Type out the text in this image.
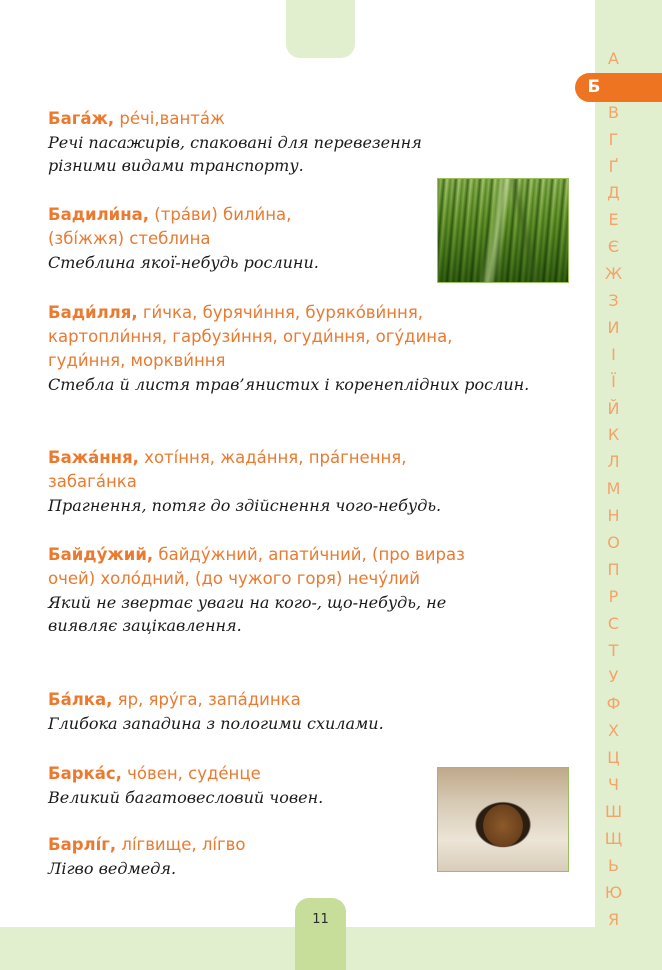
11
А
В
Г
Ґ
Д
Е
Є
Ж
З
И
І
Ї
Й
К
Л
М
Н
О
П
Р
С
Т
У
Ф
Х
Ц
Ч
Ш
Щ
Ь
Ю
Я
Б

Бага́ж, ре́чі,ванта́ж

Речі пасажирів, спаковані для перевезення різними видами транспорту.

Бадили́на, (тра́ви) били́на, (збі́жжя) стеблина

Стеблина якої-небудь рослини.

Бади́лля, ги́чка, бурячи́ння, буряко́ви́ння, картопли́ння, гарбузи́ння, огуди́ння, огу́дина, гуди́ння, моркви́ння

Стебла й листя трав’янистих і коренеплідних рослин.

Бажа́ння, хоті́ння, жада́ння, пра́гнення, забага́нка

Прагнення, потяг до здійснення чого-небудь.

Байду́жий, байду́жний, апати́чний, (про вираз очей) холо́дний, (до чужого горя) нечу́лий

Який не звертає уваги на кого-, що-небудь, не виявляє зацікавлення.

Ба́лка, яр, яру́га, запа́динка

Глибока западина з пологими схилами.

Барка́с, чо́вен, суде́нце

Великий багатовесловий човен.

Барлі́г, лі́гвище, лі́гво

Лігво ведмедя.
